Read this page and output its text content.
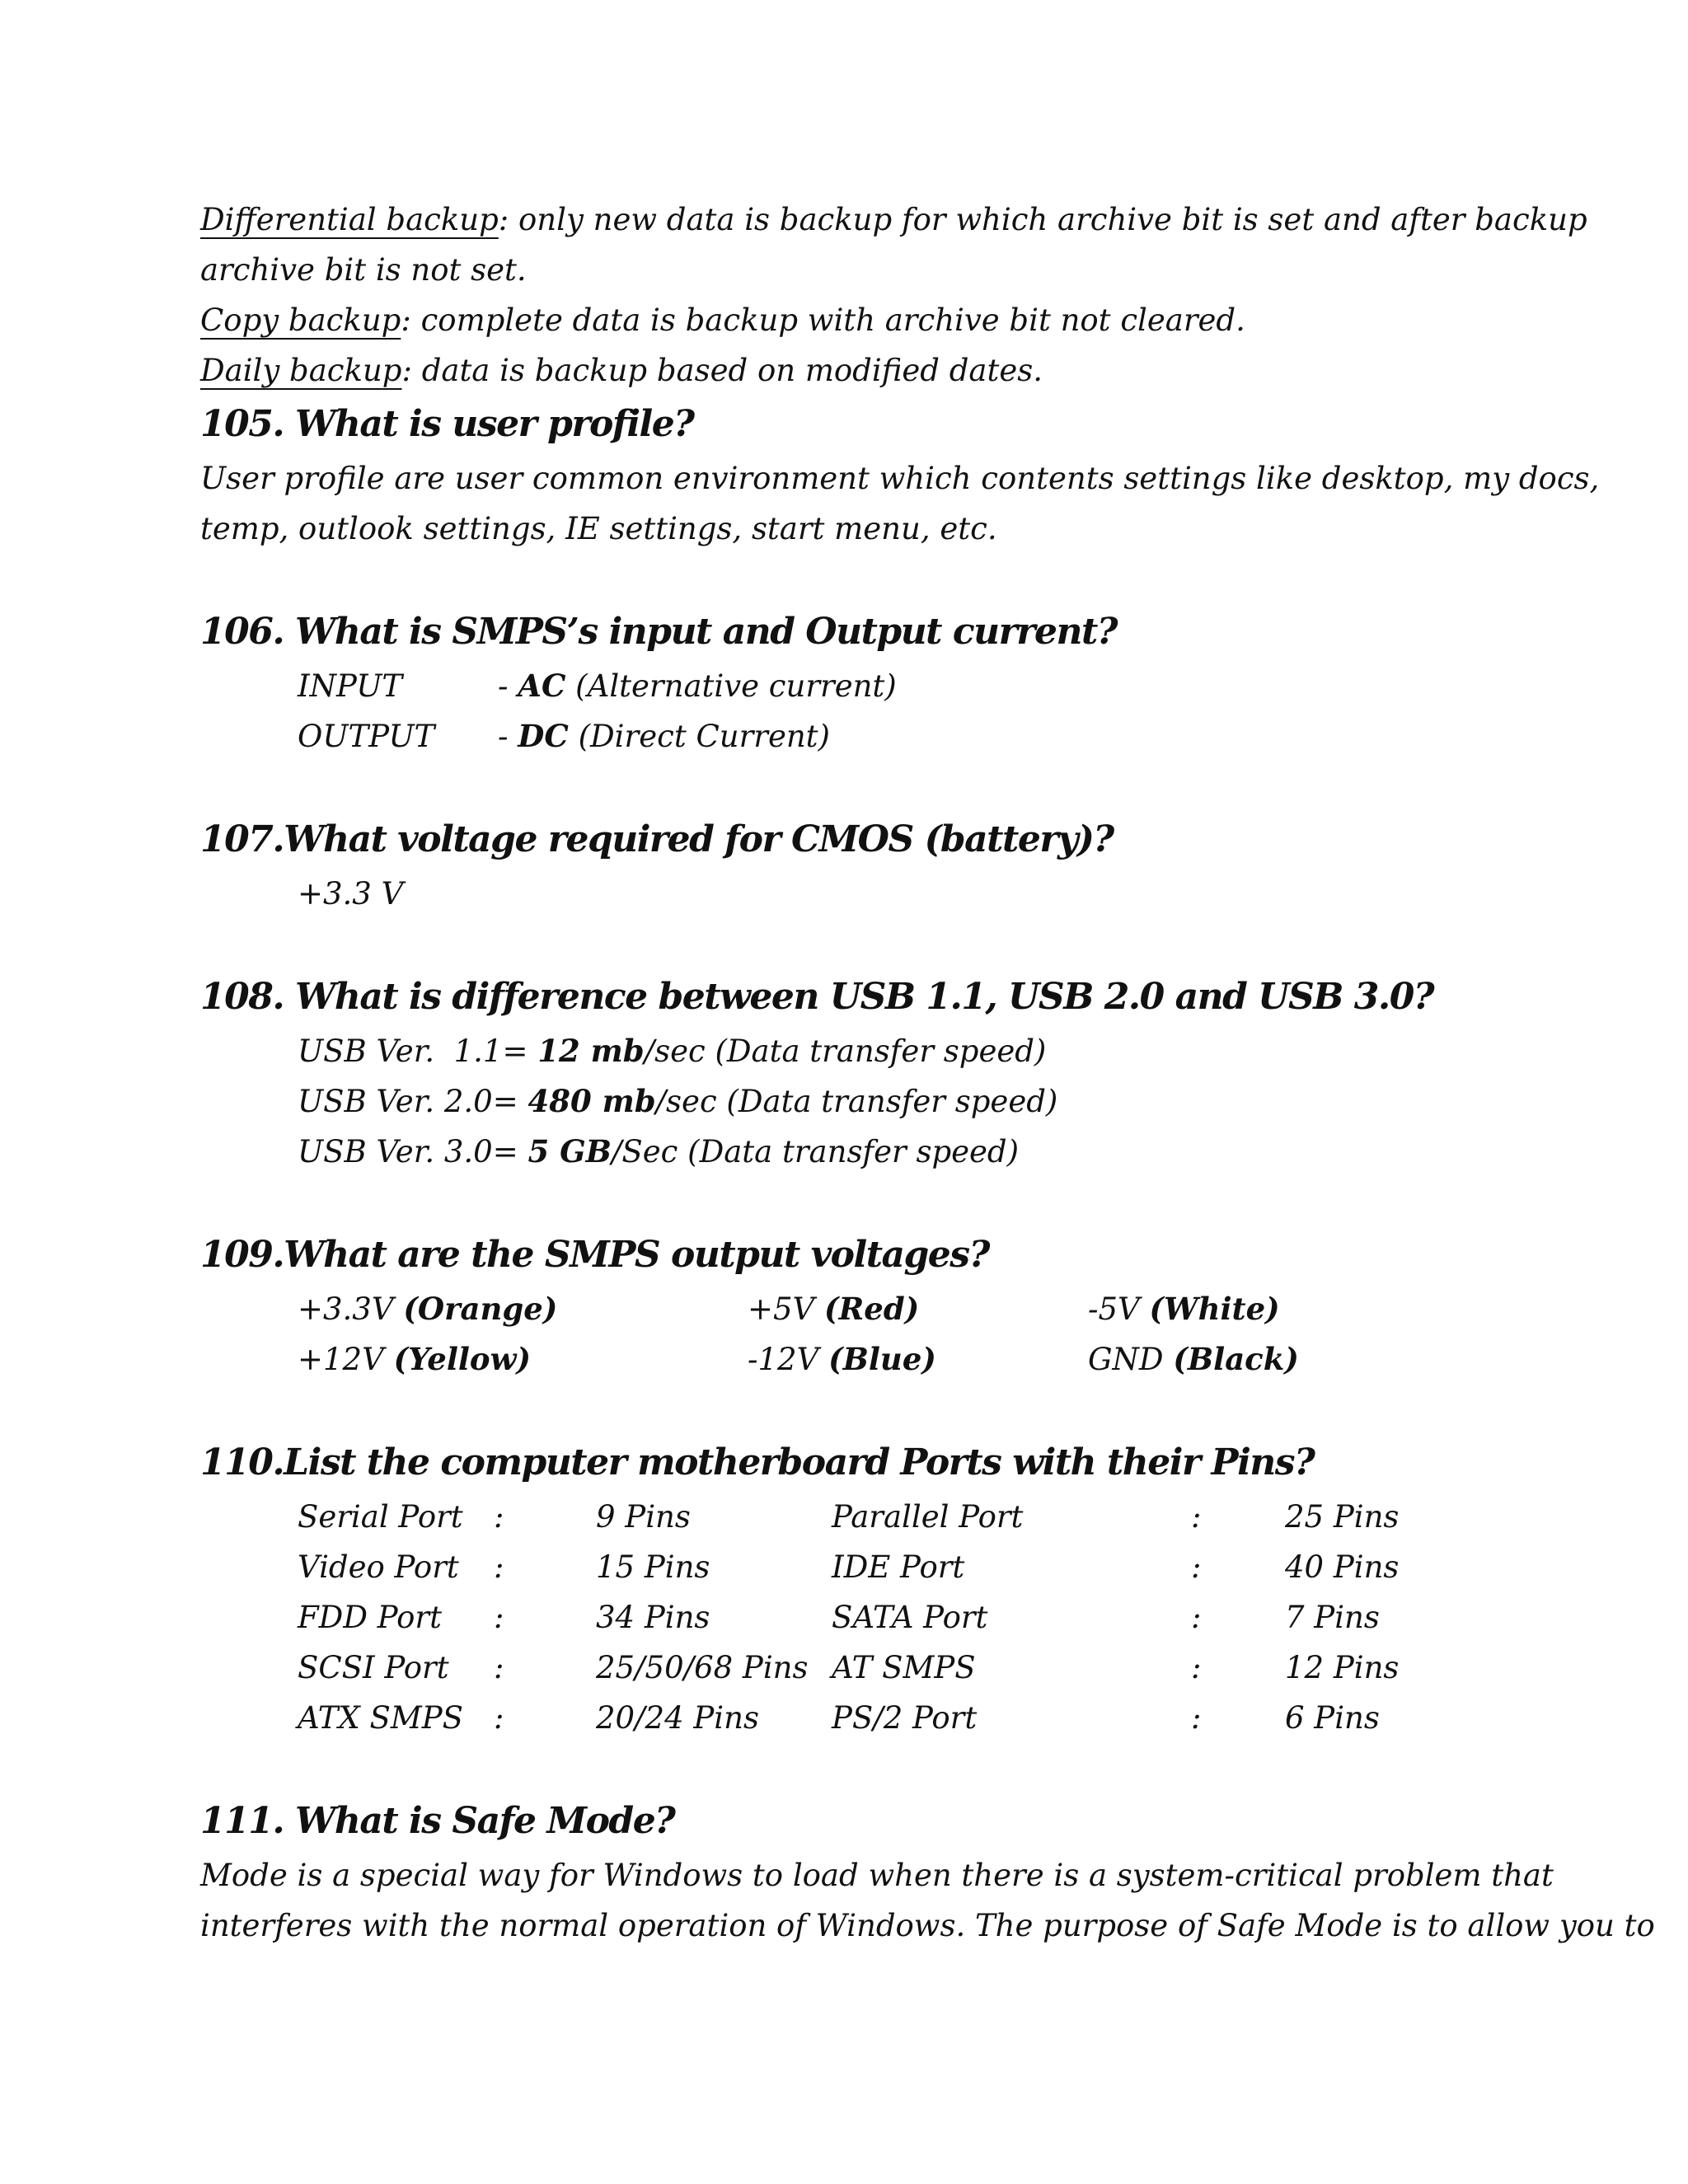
Differential backup: only new data is backup for which archive bit is set and after backup

archive bit is not set.

Copy backup: complete data is backup with archive bit not cleared.

Daily backup: data is backup based on modified dates.

105. What is user profile?

User profile are user common environment which contents settings like desktop, my docs,

temp, outlook settings, IE settings, start menu, etc.

106. What is SMPS’s input and Output current?

INPUT	- AC (Alternative current)
OUTPUT	- DC (Direct Current)

107.What voltage required for CMOS (battery)?

+3.3 V

108. What is difference between USB 1.1, USB 2.0 and USB 3.0?

USB Ver.  1.1= 12 mb /sec (Data transfer speed)
USB Ver. 2.0= 480 mb /sec (Data transfer speed)
USB Ver. 3.0= 5 GB /Sec (Data transfer speed)

109.What are the SMPS output voltages?

+3.3V (Orange)	+5V (Red)	-5V (White)
+12V (Yellow)	-12V (Blue)	GND (Black)

110.List the computer motherboard Ports with their Pins?

Serial Port	:	9 Pins	Parallel Port	:	25 Pins
Video Port	:	15 Pins	IDE Port	:	40 Pins
FDD Port	:	34 Pins	SATA Port	:	7 Pins
SCSI Port	:	25/50/68 Pins AT SMPS	:	12 Pins
ATX SMPS	:	20/24 Pins	PS/2 Port	:	6 Pins

111. What is Safe Mode?

Mode is a special way for Windows to load when there is a system-critical problem that

interferes with the normal operation of Windows. The purpose of Safe Mode is to allow you to
